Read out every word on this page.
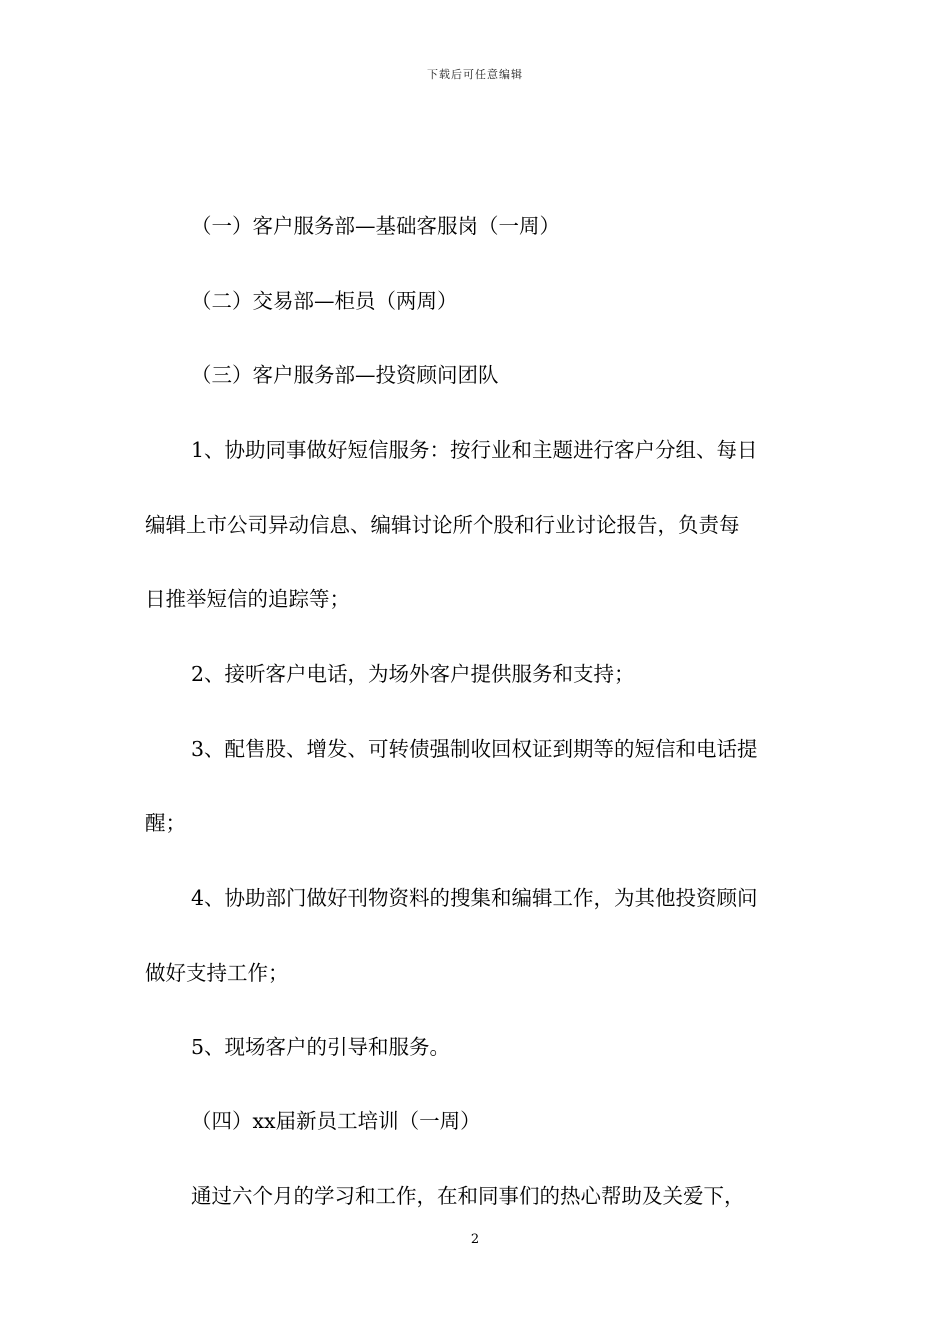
下载后可任意编辑
（一）客户服务部—基础客服岗（一周）
（二）交易部—柜员（两周）
（三）客户服务部—投资顾问团队
1、协助同事做好短信服务：按行业和主题进行客户分组、每日
编辑上市公司异动信息、编辑讨论所个股和行业讨论报告，负责每
日推举短信的追踪等；
2、接听客户电话，为场外客户提供服务和支持；
3、配售股、增发、可转债强制收回权证到期等的短信和电话提
醒；
4、协助部门做好刊物资料的搜集和编辑工作，为其他投资顾问
做好支持工作；
5、现场客户的引导和服务。
（四）xx届新员工培训（一周）
通过六个月的学习和工作，在和同事们的热心帮助及关爱下，
2
